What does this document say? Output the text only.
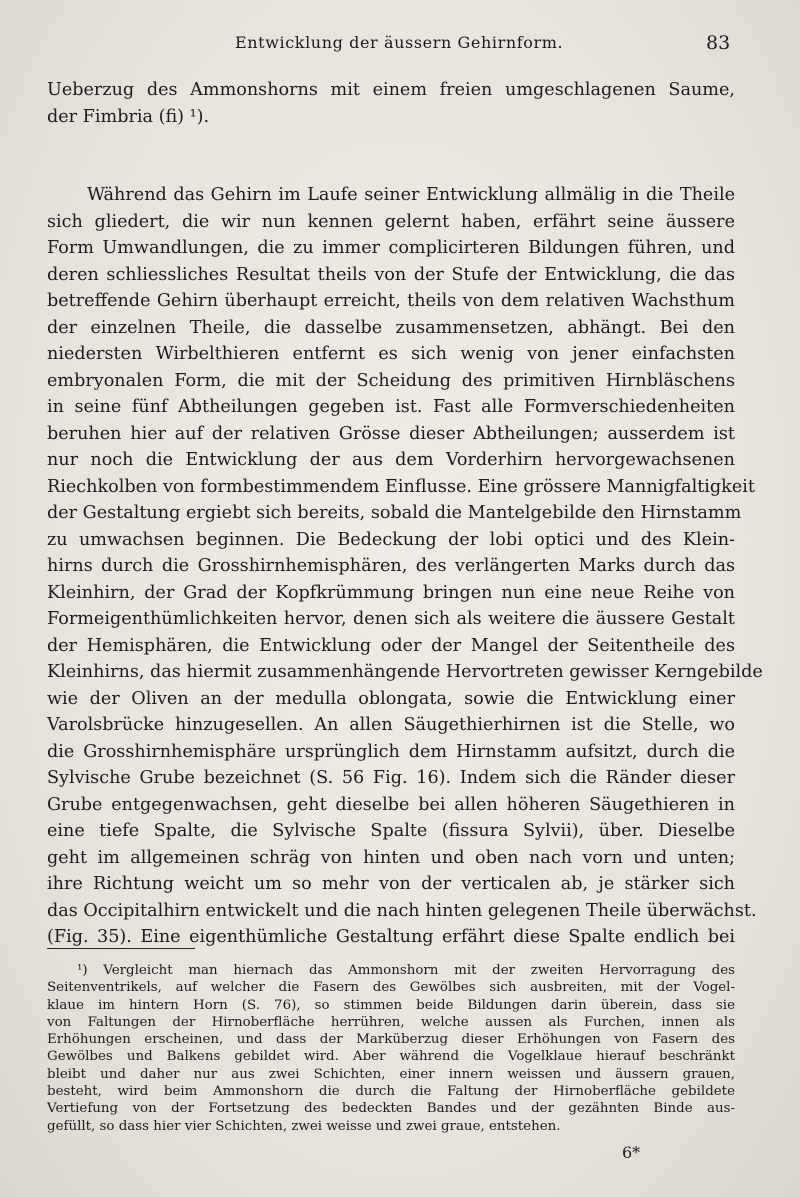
Entwicklung der äussern Gehirnform.	83
Ueberzug des Ammonshorns mit einem freien umgeschlagenen Saume,
der Fimbria (fi) ¹).
Während das Gehirn im Laufe seiner Entwicklung allmälig in die Theile
sich gliedert, die wir nun kennen gelernt haben, erfährt seine äussere
Form Umwandlungen, die zu immer complicirteren Bildungen führen, und
deren schliessliches Resultat theils von der Stufe der Entwicklung, die das
betreffende Gehirn überhaupt erreicht, theils von dem relativen Wachsthum
der einzelnen Theile, die dasselbe zusammensetzen, abhängt. Bei den
niedersten Wirbelthieren entfernt es sich wenig von jener einfachsten
embryonalen Form, die mit der Scheidung des primitiven Hirnbläschens
in seine fünf Abtheilungen gegeben ist. Fast alle Formverschiedenheiten
beruhen hier auf der relativen Grösse dieser Abtheilungen; ausserdem ist
nur noch die Entwicklung der aus dem Vorderhirn hervorgewachsenen
Riechkolben von formbestimmendem Einflusse. Eine grössere Mannigfaltigkeit
der Gestaltung ergiebt sich bereits, sobald die Mantelgebilde den Hirnstamm
zu umwachsen beginnen. Die Bedeckung der lobi optici und des Klein-
hirns durch die Grosshirnhemisphären, des verlängerten Marks durch das
Kleinhirn, der Grad der Kopfkrümmung bringen nun eine neue Reihe von
Formeigenthümlichkeiten hervor, denen sich als weitere die äussere Gestalt
der Hemisphären, die Entwicklung oder der Mangel der Seitentheile des
Kleinhirns, das hiermit zusammenhängende Hervortreten gewisser Kerngebilde
wie der Oliven an der medulla oblongata, sowie die Entwicklung einer
Varolsbrücke hinzugesellen. An allen Säugethierhirnen ist die Stelle, wo
die Grosshirnhemisphäre ursprünglich dem Hirnstamm aufsitzt, durch die
Sylvische Grube bezeichnet (S. 56 Fig. 16). Indem sich die Ränder dieser
Grube entgegenwachsen, geht dieselbe bei allen höheren Säugethieren in
eine tiefe Spalte, die Sylvische Spalte (fissura Sylvii), über. Dieselbe
geht im allgemeinen schräg von hinten und oben nach vorn und unten;
ihre Richtung weicht um so mehr von der verticalen ab, je stärker sich
das Occipitalhirn entwickelt und die nach hinten gelegenen Theile überwächst.
(Fig. 35). Eine eigenthümliche Gestaltung erfährt diese Spalte endlich bei
¹) Vergleicht man hiernach das Ammonshorn mit der zweiten Hervorragung des
Seitenventrikels, auf welcher die Fasern des Gewölbes sich ausbreiten, mit der Vogel-
klaue im hintern Horn (S. 76), so stimmen beide Bildungen darin überein, dass sie
von Faltungen der Hirnoberfläche herrühren, welche aussen als Furchen, innen als
Erhöhungen erscheinen, und dass der Marküberzug dieser Erhöhungen von Fasern des
Gewölbes und Balkens gebildet wird. Aber während die Vogelklaue hierauf beschränkt
bleibt und daher nur aus zwei Schichten, einer innern weissen und äussern grauen,
besteht, wird beim Ammonshorn die durch die Faltung der Hirnoberfläche gebildete
Vertiefung von der Fortsetzung des bedeckten Bandes und der gezähnten Binde aus-
gefüllt, so dass hier vier Schichten, zwei weisse und zwei graue, entstehen.
6*
